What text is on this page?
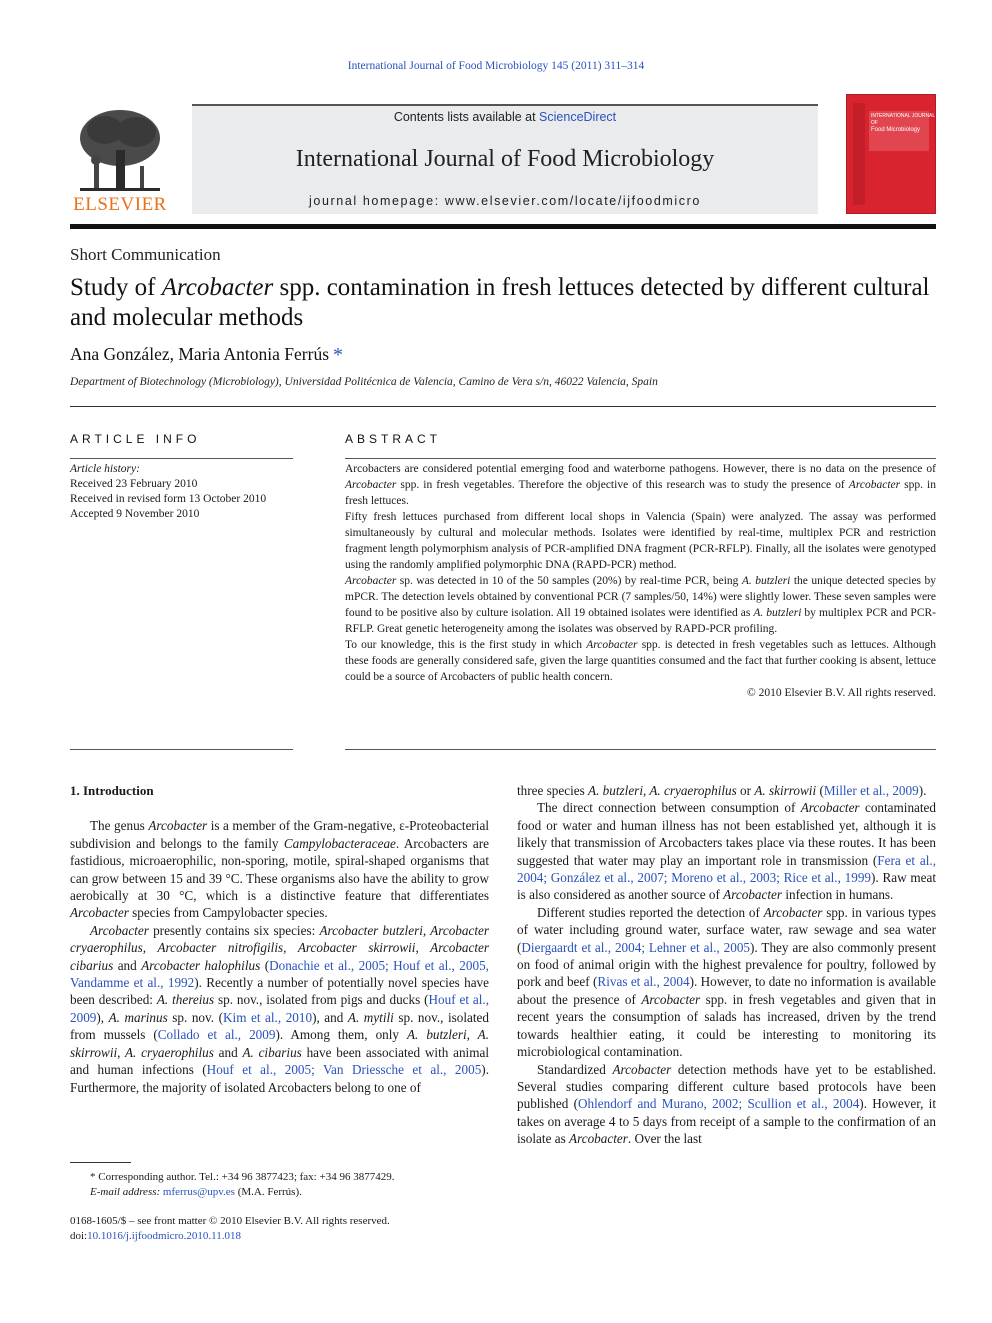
International Journal of Food Microbiology 145 (2011) 311–314
ELSEVIER
Contents lists available at ScienceDirect
International Journal of Food Microbiology
journal homepage: www.elsevier.com/locate/ijfoodmicro
INTERNATIONAL JOURNAL OF
Food Microbiology
Short Communication
Study of Arcobacter spp. contamination in fresh lettuces detected by different cultural and molecular methods
Ana González, Maria Antonia Ferrús *
Department of Biotechnology (Microbiology), Universidad Politécnica de Valencia, Camino de Vera s/n, 46022 Valencia, Spain
ARTICLE INFO	ABSTRACT
Article history:
Received 23 February 2010
Received in revised form 13 October 2010
Accepted 9 November 2010

Arcobacters are considered potential emerging food and waterborne pathogens. However, there is no data on the presence of Arcobacter spp. in fresh vegetables. Therefore the objective of this research was to study the presence of Arcobacter spp. in fresh lettuces.

Fifty fresh lettuces purchased from different local shops in Valencia (Spain) were analyzed. The assay was performed simultaneously by cultural and molecular methods. Isolates were identified by real-time, multiplex PCR and restriction fragment length polymorphism analysis of PCR-amplified DNA fragment (PCR-RFLP). Finally, all the isolates were genotyped using the randomly amplified polymorphic DNA (RAPD-PCR) method.

Arcobacter sp. was detected in 10 of the 50 samples (20%) by real-time PCR, being A. butzleri the unique detected species by mPCR. The detection levels obtained by conventional PCR (7 samples/50, 14%) were slightly lower. These seven samples were found to be positive also by culture isolation. All 19 obtained isolates were identified as A. butzleri by multiplex PCR and PCR-RFLP. Great genetic heterogeneity among the isolates was observed by RAPD-PCR profiling.

To our knowledge, this is the first study in which Arcobacter spp. is detected in fresh vegetables such as lettuces. Although these foods are generally considered safe, given the large quantities consumed and the fact that further cooking is absent, lettuce could be a source of Arcobacters of public health concern.

© 2010 Elsevier B.V. All rights reserved.

1. Introduction

The genus Arcobacter is a member of the Gram-negative, ε-Proteobacterial subdivision and belongs to the family Campylobacteraceae. Arcobacters are fastidious, microaerophilic, non-sporing, motile, spiral-shaped organisms that can grow between 15 and 39 °C. These organisms also have the ability to grow aerobically at 30 °C, which is a distinctive feature that differentiates Arcobacter species from Campylobacter species.

Arcobacter presently contains six species: Arcobacter butzleri, Arcobacter cryaerophilus, Arcobacter nitrofigilis, Arcobacter skirrowii, Arcobacter cibarius and Arcobacter halophilus (Donachie et al., 2005; Houf et al., 2005, Vandamme et al., 1992). Recently a number of potentially novel species have been described: A. thereius sp. nov., isolated from pigs and ducks (Houf et al., 2009), A. marinus sp. nov. (Kim et al., 2010), and A. mytili sp. nov., isolated from mussels (Collado et al., 2009). Among them, only A. butzleri, A. skirrowii, A. cryaerophilus and A. cibarius have been associated with animal and human infections (Houf et al., 2005; Van Driessche et al., 2005). Furthermore, the majority of isolated Arcobacters belong to one of

three species A. butzleri, A. cryaerophilus or A. skirrowii (Miller et al., 2009).

The direct connection between consumption of Arcobacter contaminated food or water and human illness has not been established yet, although it is likely that transmission of Arcobacters takes place via these routes. It has been suggested that water may play an important role in transmission (Fera et al., 2004; González et al., 2007; Moreno et al., 2003; Rice et al., 1999). Raw meat is also considered as another source of Arcobacter infection in humans.

Different studies reported the detection of Arcobacter spp. in various types of water including ground water, surface water, raw sewage and sea water (Diergaardt et al., 2004; Lehner et al., 2005). They are also commonly present on food of animal origin with the highest prevalence for poultry, followed by pork and beef (Rivas et al., 2004). However, to date no information is available about the presence of Arcobacter spp. in fresh vegetables and given that in recent years the consumption of salads has increased, driven by the trend towards healthier eating, it could be interesting to monitoring its microbiological contamination.

Standardized Arcobacter detection methods have yet to be established. Several studies comparing different culture based protocols have been published (Ohlendorf and Murano, 2002; Scullion et al., 2004). However, it takes on average 4 to 5 days from receipt of a sample to the confirmation of an isolate as Arcobacter. Over the last

* Corresponding author. Tel.: +34 96 3877423; fax: +34 96 3877429.
E-mail address: mferrus@upv.es (M.A. Ferrús).
0168-1605/$ – see front matter © 2010 Elsevier B.V. All rights reserved.
doi:10.1016/j.ijfoodmicro.2010.11.018
